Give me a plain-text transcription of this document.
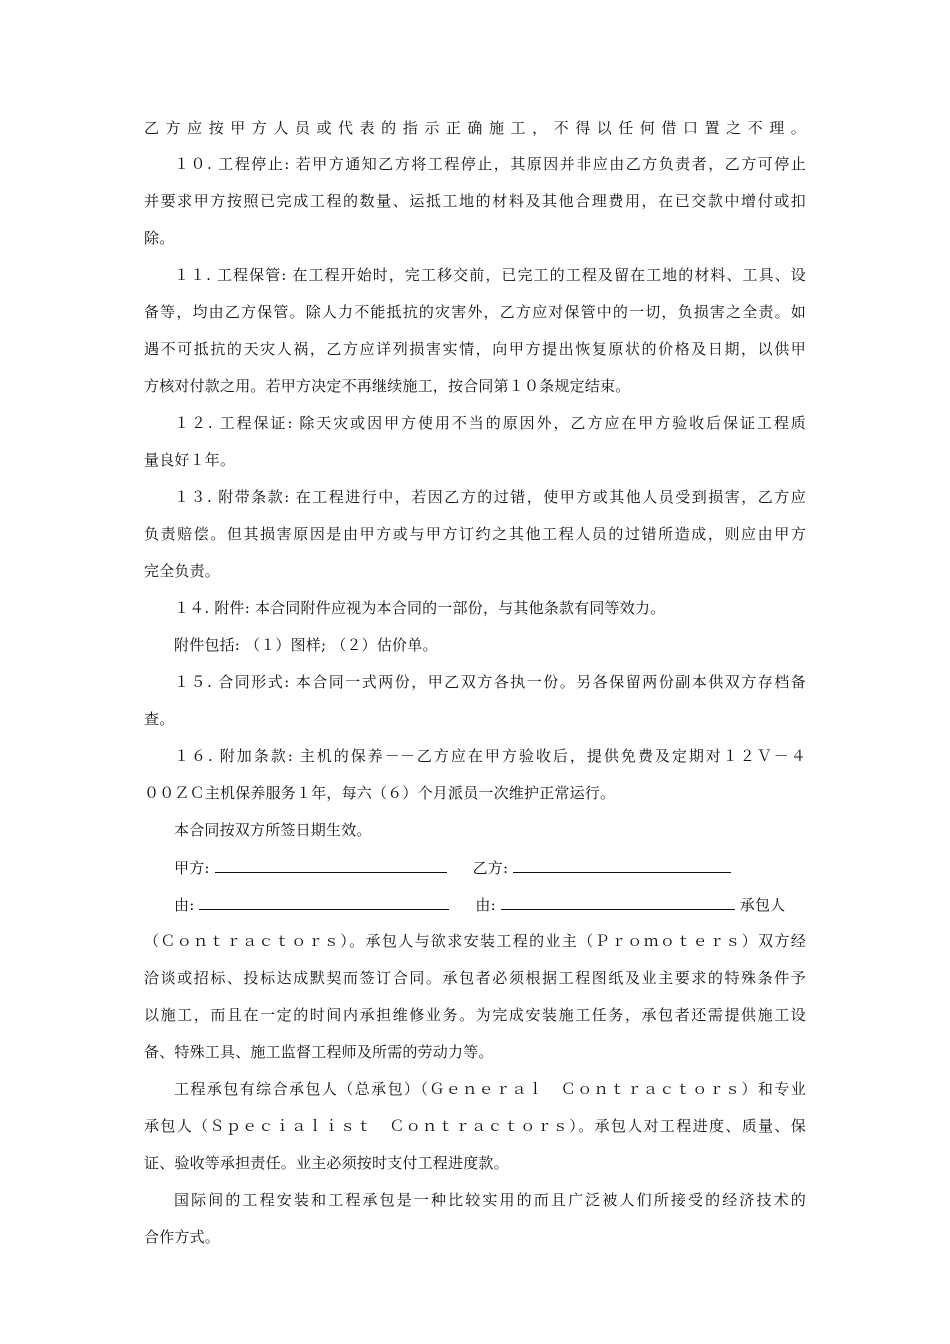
乙方应按甲方人员或代表的指示正确施工，不得以任何借口置之不理。
１０. 工程停止: 若甲方通知乙方将工程停止，其原因并非应由乙方负责者，乙方可停止
并要求甲方按照已完成工程的数量、运抵工地的材料及其他合理费用，在已交款中增付或扣
除。
１１. 工程保管: 在工程开始时，完工移交前，已完工的工程及留在工地的材料、工具、设
备等，均由乙方保管。除人力不能抵抗的灾害外，乙方应对保管中的一切，负损害之全责。如
遇不可抵抗的天灾人祸，乙方应详列损害实情，向甲方提出恢复原状的价格及日期，以供甲
方核对付款之用。若甲方决定不再继续施工，按合同第１０条规定结束。
１２. 工程保证: 除天灾或因甲方使用不当的原因外，乙方应在甲方验收后保证工程质
量良好１年。
１３. 附带条款: 在工程进行中，若因乙方的过错，使甲方或其他人员受到损害，乙方应
负责赔偿。但其损害原因是由甲方或与甲方订约之其他工程人员的过错所造成，则应由甲方
完全负责。
１４. 附件: 本合同附件应视为本合同的一部份，与其他条款有同等效力。
附件包括: （１）图样; （２）估价单。
１５. 合同形式: 本合同一式两份，甲乙双方各执一份。另各保留两份副本供双方存档备
查。
１６. 附加条款: 主机的保养－－乙方应在甲方验收后，提供免费及定期对１２Ｖ－４
００ＺＣ主机保养服务１年，每六（６）个月派员一次维护正常运行。
本合同按双方所签日期生效。
甲方:	乙方:
由:	由:	承包人
（Ｃｏｎｔｒａｃｔｏｒｓ）。承包人与欲求安装工程的业主（Ｐｒｏｍｏｔｅｒｓ）双方经
洽谈或招标、投标达成默契而签订合同。承包者必须根据工程图纸及业主要求的特殊条件予
以施工，而且在一定的时间内承担维修业务。为完成安装施工任务，承包者还需提供施工设
备、特殊工具、施工监督工程师及所需的劳动力等。
工程承包有综合承包人（总承包）（Ｇｅｎｅｒａｌ　Ｃｏｎｔｒａｃｔｏｒｓ）和专业
承包人（Ｓｐｅｃｉａｌｉｓｔ　Ｃｏｎｔｒａｃｔｏｒｓ）。承包人对工程进度、质量、保
证、验收等承担责任。业主必须按时支付工程进度款。
国际间的工程安装和工程承包是一种比较实用的而且广泛被人们所接受的经济技术的
合作方式。
